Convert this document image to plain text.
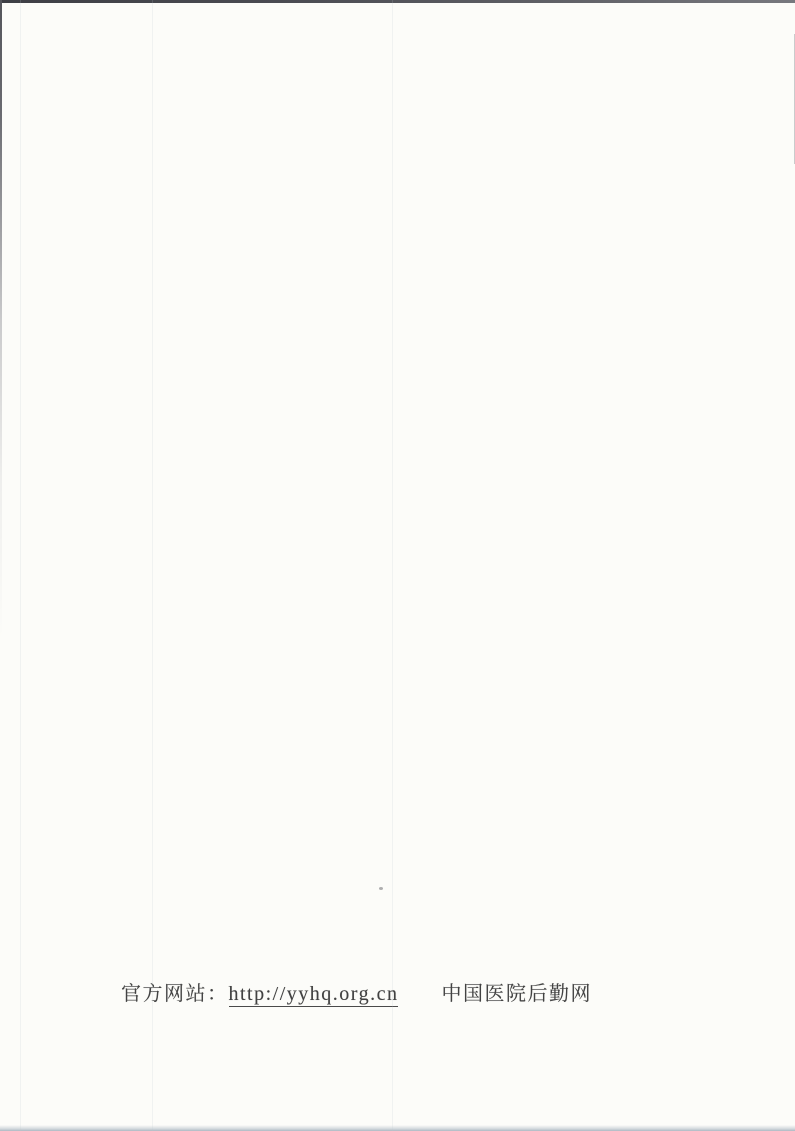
官方网站：http://yyhq.org.cn　　 中国医院后勤网
